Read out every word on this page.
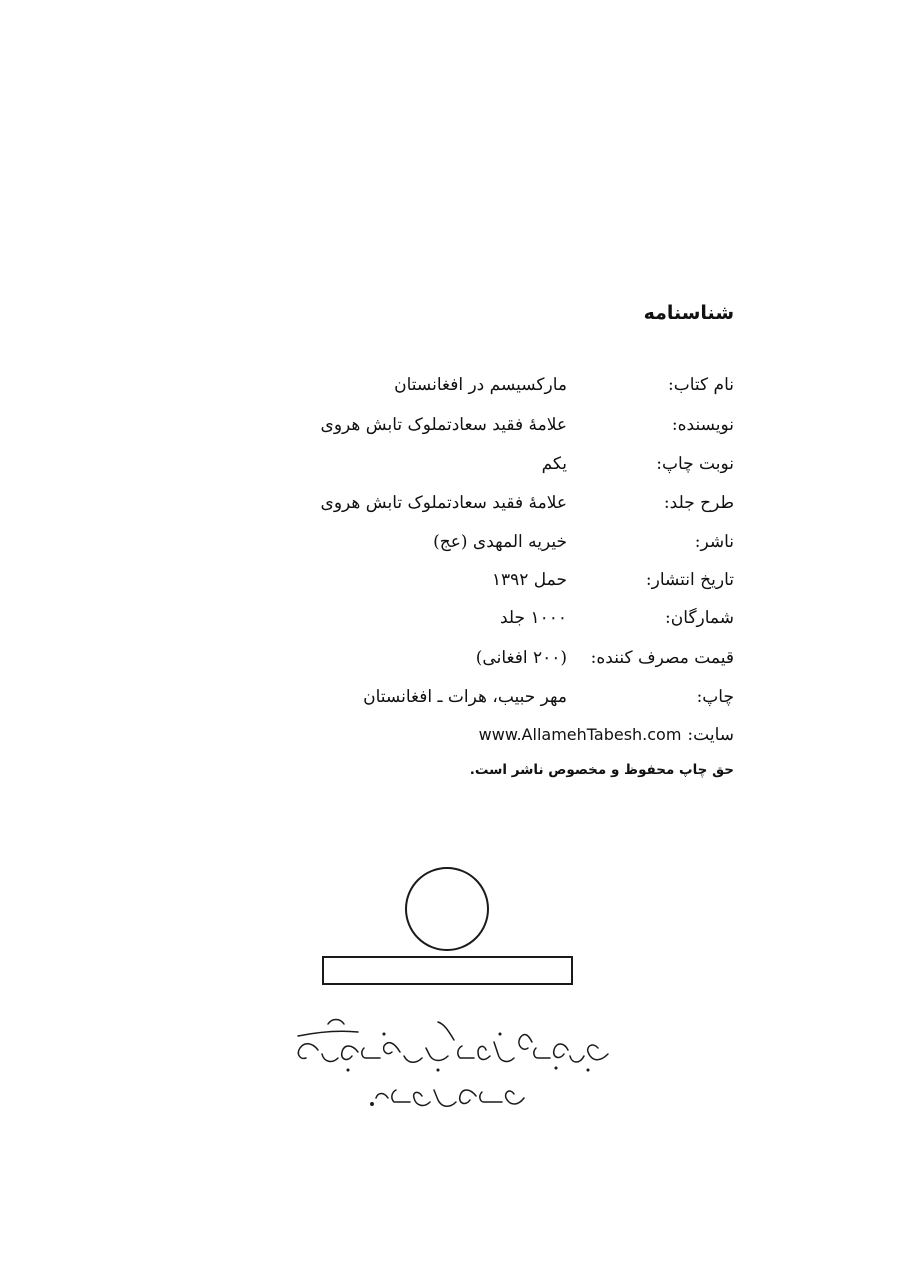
شناسنامه
نام کتاب:
مارکسیسم در افغانستان
نویسنده:
علامهٔ فقید سعادتملوک تابش هروی
نوبت چاپ:
یکم
طرح جلد:
علامهٔ فقید سعادتملوک تابش هروی
ناشر:
خیریه المهدی (عج)
تاریخ انتشار:
حمل ۱۳۹۲
شمارگان:
۱۰۰۰ جلد
قیمت مصرف کننده:
(۲۰۰ افغانی)
چاپ:
مهر حبیب، هرات ـ افغانستان
سایت:
www.AllamehTabesh.com
حق چاپ محفوظ و مخصوص ناشر است.
